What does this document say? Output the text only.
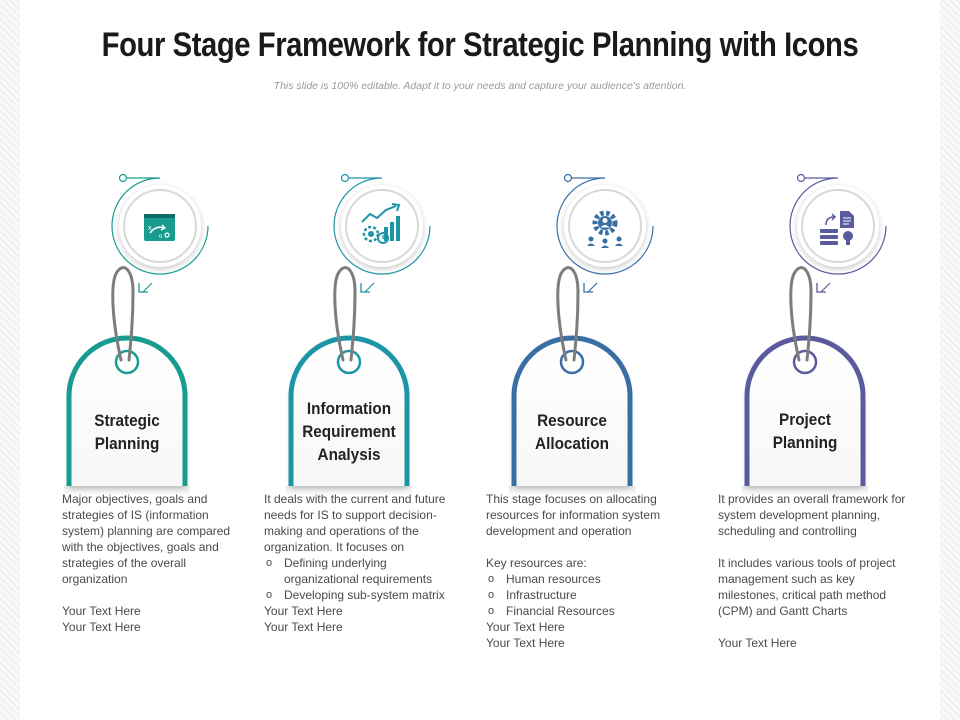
Four Stage Framework for Strategic Planning with Icons
This slide is 100% editable. Adapt it to your needs and capture your audience’s attention.
x
o
Strategic
Planning
Information
Requirement
Analysis
Resource
Allocation
Project
Planning

Major objectives, goals and strategies of IS (information system) planning are compared with the objectives, goals and strategies of the overall organization

Your Text Here

Your Text Here

It deals with the current and future needs for IS to support decision-making and operations of the organization. It focuses on

o Defining underlying organizational requirements
o Developing sub-system matrix

Your Text Here

Your Text Here

This stage focuses on allocating resources for information system development and operation

Key resources are:

o Human resources
o Infrastructure
o Financial Resources

Your Text Here

Your Text Here

It provides an overall framework for system development planning, scheduling and controlling

It includes various tools of project management such as key milestones, critical path method (CPM) and Gantt Charts

Your Text Here
